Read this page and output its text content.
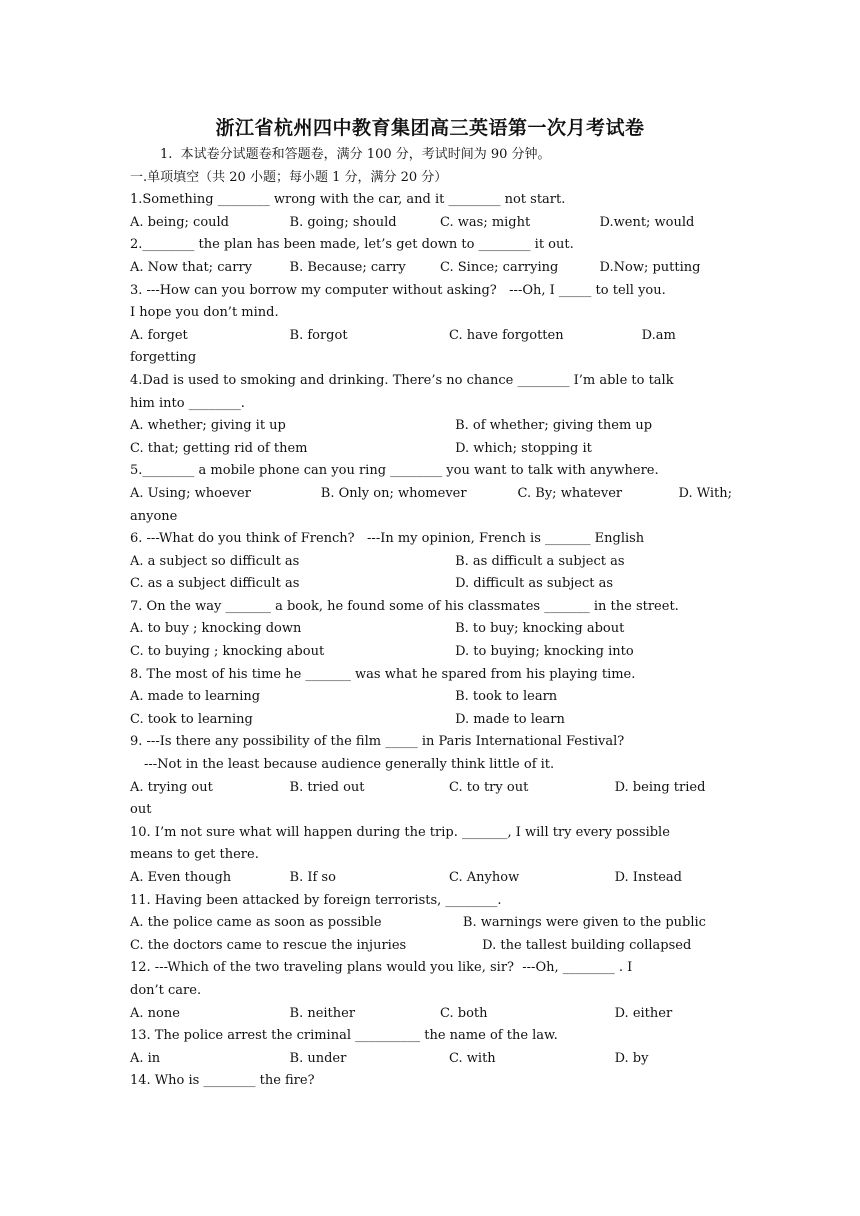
浙江省杭州四中教育集团高三英语第一次月考试卷
1.  本试卷分试题卷和答题卷，满分 100 分，考试时间为 90 分钟。
一.单项填空（共 20 小题；每小题 1 分，满分 20 分）
1.Something ________ wrong with the car, and it ________ not start.
A. being; could	B. going; should	C. was; might	D.went; would
2.________ the plan has been made, let’s get down to ________ it out.
A. Now that; carry	B. Because; carry	C. Since; carrying	D.Now; putting
3. ---How can you borrow my computer without asking?   ---Oh, I _____ to tell you.
I hope you don’t mind.
A. forget	B. forgot	C. have forgotten	D.am
forgetting
4.Dad is used to smoking and drinking. There’s no chance ________ I’m able to talk
him into ________.
A. whether; giving it up	B. of whether; giving them up
C. that; getting rid of them	D. which; stopping it
5.________ a mobile phone can you ring ________ you want to talk with anywhere.
A. Using; whoever	B. Only on; whomever	C. By; whatever	D. With;
anyone
6. ---What do you think of French?   ---In my opinion, French is _______ English
A. a subject so difficult as	B. as difficult a subject as
C. as a subject difficult as	D. difficult as subject as
7. On the way _______ a book, he found some of his classmates _______ in the street.
A. to buy ; knocking down	B. to buy; knocking about
C. to buying ; knocking about	D. to buying; knocking into
8. The most of his time he _______ was what he spared from his playing time.
A. made to learning	B. took to learn
C. took to learning	D. made to learn
9. ---Is there any possibility of the film _____ in Paris International Festival?
---Not in the least because audience generally think little of it.
A. trying out	B. tried out	C. to try out	D. being tried
out
10. I’m not sure what will happen during the trip. _______, I will try every possible
means to get there.
A. Even though	B. If so	C. Anyhow	D. Instead
11. Having been attacked by foreign terrorists, ________.
A. the police came as soon as possible	B. warnings were given to the public
C. the doctors came to rescue the injuries	D. the tallest building collapsed
12. ---Which of the two traveling plans would you like, sir?  ---Oh, ________ . I
don’t care.
A. none	B. neither	C. both	D. either
13. The police arrest the criminal __________ the name of the law.
A. in	B. under	C. with	D. by
14. Who is ________ the fire?
